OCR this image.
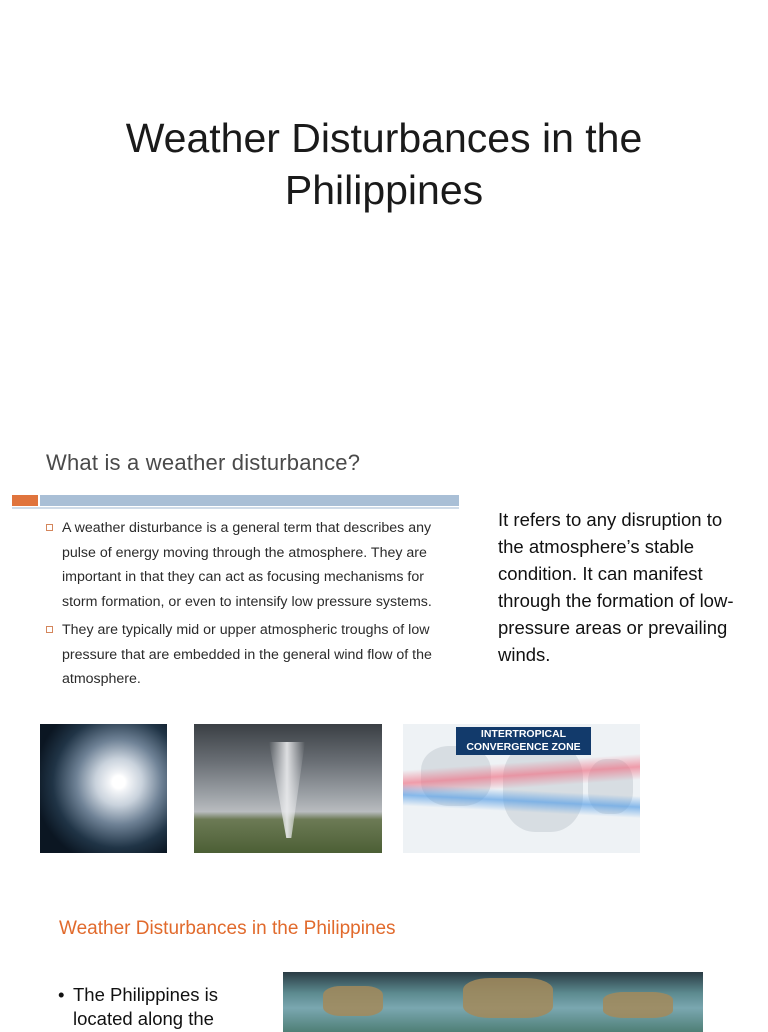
Weather Disturbances in the Philippines
What is a weather disturbance?
A weather disturbance is a general term that describes any pulse of energy moving through the atmosphere. They are important in that they can act as focusing mechanisms for storm formation, or even to intensify low pressure systems.
They are typically mid or upper atmospheric troughs of low pressure that are embedded in the general wind flow of the atmosphere.
It refers to any disruption to the atmosphere’s stable condition. It can manifest through the formation of low-pressure areas or prevailing winds.
INTERTROPICAL
CONVERGENCE ZONE
Weather Disturbances in the Philippines
• The Philippines is located along the
